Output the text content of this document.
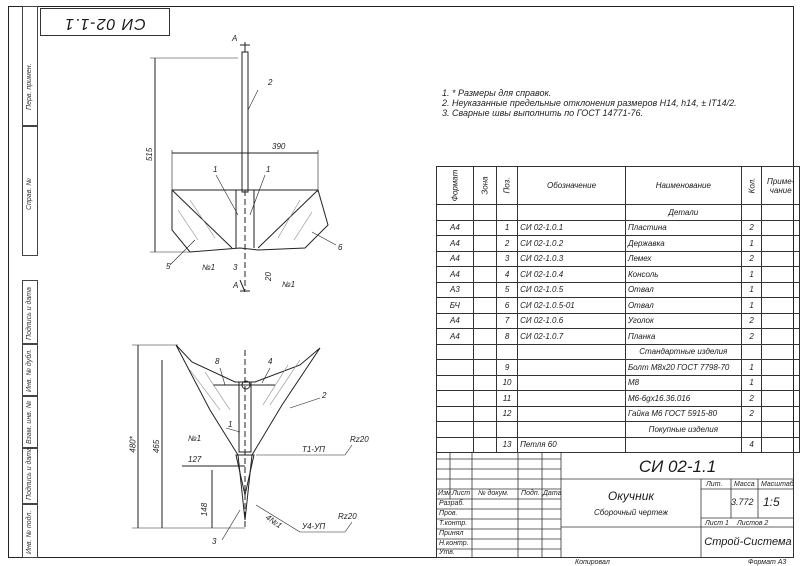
Перв. примен.
Справ. №
Подпись и дата
Инв. № дубл.
Взам. инв. №
Подпись и дата
Инв. № подл.
СИ 02-1.1
А
А
515
390
2
1	1
5
6
№1
№1
3
20
480* 465
127
148
8	4
2
1
3
№1
4№1
Т1-УП
У4-УП
Rz20
Rz20
1. * Размеры для справок.
2. Неуказанные предельные отклонения размеров H14, h14, ± IT14/2.
3. Сварные швы выполнить по ГОСТ 14771-76.
Формат	Зона	Поз.	Обозначение	Наименование	Кол.	Приме-
чание
				Детали		
А4		1	СИ 02-1.0.1	Пластина	2	
А4		2	СИ 02-1.0.2	Державка	1	
А4		3	СИ 02-1.0.3	Лемех	2	
А4		4	СИ 02-1.0.4	Консоль	1	
А3		5	СИ 02-1.0.5	Отвал	1	
БЧ		6	СИ 02-1.0.5-01	Отвал	1	
А4		7	СИ 02-1.0.6	Уголок	2	
А4		8	СИ 02-1.0.7	Планка	2	
				Стандартные изделия		
		9		Болт М8х20 ГОСТ 7798-70	1	
		10		М8	1	
		11		М6-6gх16.36.016	2	
		12		Гайка М6 ГОСТ 5915-80	2	
				Покупные изделия		
		13	Петля 60		4	
Изм. Лист № докум. Подп. Дата
Разраб.
Пров.
Т.контр.
Принял
Н.контр.
Утв.
СИ 02-1.1
Окучник
Сборочный чертеж
Лит. Масса Масштаб
3.772 1:5
Лист 1 Листов 2
Строй-Система
Копировал	Формат А3
